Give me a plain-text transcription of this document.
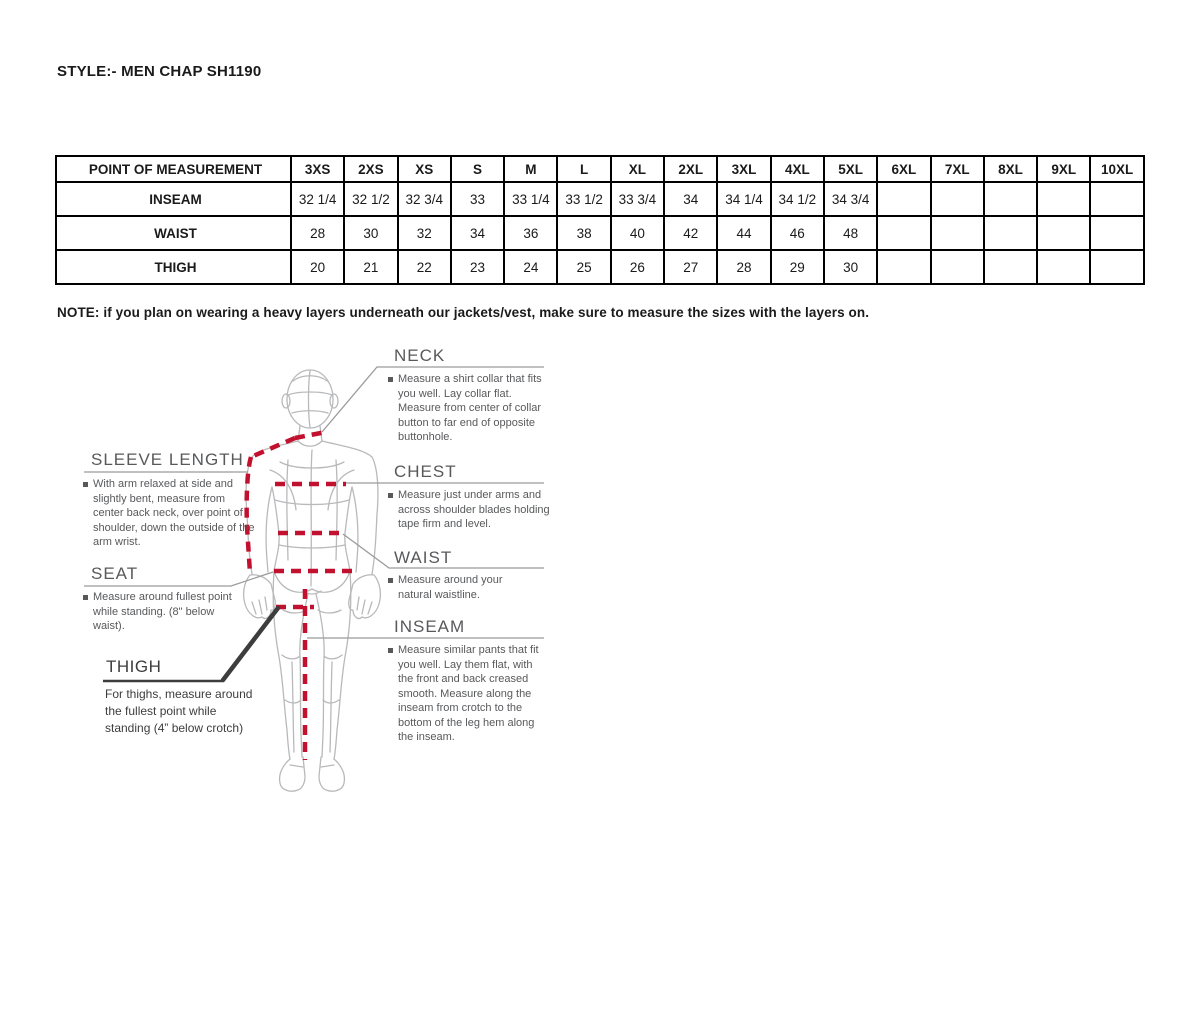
STYLE:- MEN CHAP SH1190
POINT OF MEASUREMENT	3XS	2XS	XS	S	M	L	XL	2XL	3XL	4XL	5XL	6XL	7XL	8XL	9XL	10XL
INSEAM	32 1/4	32 1/2	32 3/4	33	33 1/4	33 1/2	33 3/4	34	34 1/4	34 1/2	34 3/4					
WAIST	28	30	32	34	36	38	40	42	44	46	48					
THIGH	20	21	22	23	24	25	26	27	28	29	30					
NOTE: if you plan on wearing a heavy layers underneath our jackets/vest, make sure to measure the sizes with the layers on.
NECK
Measure a shirt collar that fits you well. Lay collar flat. Measure from center of collar button to far end of opposite buttonhole.
CHEST
Measure just under arms and across shoulder blades holding tape firm and level.
WAIST
Measure around your natural waistline.
INSEAM
Measure similar pants that fit you well. Lay them flat, with the front and back creased smooth. Measure along the inseam from crotch to the bottom of the leg hem along the inseam.
SLEEVE LENGTH
With arm relaxed at side and slightly bent, measure from center back neck, over point of shoulder, down the outside of the arm wrist.
SEAT
Measure around fullest point while standing. (8" below waist).
THIGH
For thighs, measure around the fullest point while standing (4” below crotch)
